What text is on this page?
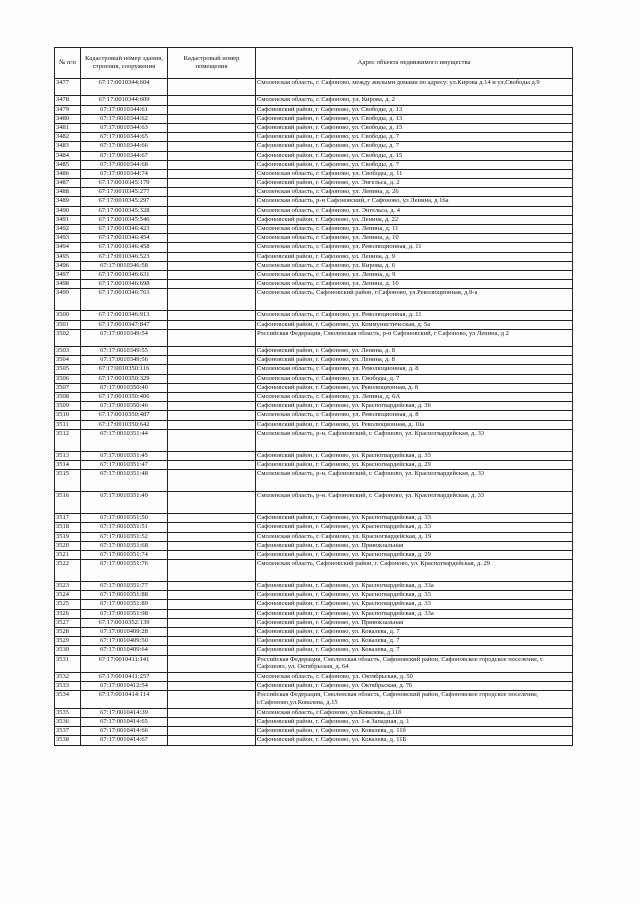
№ п/п	Кадастровый номер здания, строения, сооружения	Кадастровый номер помещения	Адрес объекта недвижимого имущества
3477	67:17:0010344:604		Смоленская область, г. Сафоново, между жилыми домами по адресу: ул.Кирова д.14 и ул.Свободы д.9
3478	67:17:0010344:609		Смоленская область, г. Сафоново, ул. Кирова, д. 2
3479	67:17:0010344:61		Сафоновский район, г. Сафоново, ул. Свободы, д. 13
3480	67:17:0010344:62		Сафоновский район, г. Сафоново, ул. Свободы, д. 13
3481	67:17:0010344:63		Сафоновский район, г. Сафоново, ул. Свободы, д. 15
3482	67:17:0010344:65		Сафоновский район, г. Сафоново, ул. Свободы, д. 7
3483	67:17:0010344:66		Сафоновский район, г. Сафоново, ул. Свободы, д. 7
3484	67:17:0010344:67		Сафоновский район, г. Сафоново, ул. Свободы, д. 15
3485	67:17:0010344:68		Сафоновский район, г. Сафоново, ул. Свободы, д. 7
3486	67:17:0010344:74		Смоленская область, г. Сафоново, ул. Свободы, д. 11
3487	67:17:0010345:179		Сафоновский район, г. Сафоново, ул. Энгельса, д. 2
3488	67:17:0010345:277		Смоленская область, г. Сафоново, ул. Ленина, д. 26
3489	67:17:0010345:297		Смоленская область, р-н Сафоновский, г Сафоново, ул Ленина, д 16а
3490	67:17:0010345:328		Смоленская область, г. Сафоново, ул. Энгельса, д. 4
3491	67:17:0010345:546		Сафоновский район, г. Сафоново, ул. Ленина, д. 22
3492	67:17:0010346:423		Смоленская область, г. Сафоново, ул. Ленина, д. 11
3493	67:17:0010346:454		Смоленская область, г. Сафоново, ул. Ленина, д. 10
3494	67:17:0010346:458		Смоленская область, г. Сафоново, ул. Революционная, д. 11
3495	67:17:0010346:523		Сафоновский район, г. Сафоново, ул. Ленина, д. 9
3496	67:17:0010346:58		Смоленская область, г. Сафоново, ул. Кирова, д. 6
3497	67:17:0010346:631		Смоленская область, г. Сафоново, ул. Ленина, д. 9
3498	67:17:0010346:698		Смоленская область, г. Сафоново, ул. Ленина, д. 10
3499	67:17:0010346:763		Смоленская область, Сафоновский район, г.Сафоново, ул.Революционная, д.9-а
3500	67:17:0010346:913		Смоленская область, г. Сафоново, ул. Революционная, д. 11
3501	67:17:0010347:847		Сафоновский район, г. Сафоново, ул. Коммунистическая, д. 5а
3502	67:17:0010349:54		Российская Федерация, Смоленская область, р-н Сафоновский, г Сафоново, ул Ленина, д 2
3503	67:17:0010349:55		Сафоновский район, г. Сафоново, ул. Ленина, д. 8
3504	67:17:0010349:56		Сафоновский район, г. Сафоново, ул. Ленина, д. 8
3505	67:17:0010350:116		Смоленская область, г. Сафоново, ул. Революционная, д. 8
3506	67:17:0010350:329		Смоленская область, г. Сафоново, ул. Свободы, д. 7
3507	67:17:0010350:40		Сафоновский район, г. Сафоново, ул. Революционная, д. 8
3508	67:17:0010350:406		Смоленская область, г. Сафоново, ул. Ленина, д. 6А
3509	67:17:0010350:46		Сафоновский район, г. Сафоново, ул. Красногвардейская, д. 36
3510	67:17:0010350:487		Смоленская область, г. Сафоново, ул. Революционная, д. 8
3511	67:17:0010350:642		Сафоновский район, г. Сафоново, ул. Революционная, д. 10а
3512	67:17:0010351:44		Смоленская область, р-н. Сафоновский, г. Сафоново, ул. Красногвардейская, д. 33
3513	67:17:0010351:45		Сафоновский район, г. Сафоново, ул. Красногвардейская, д. 33
3514	67:17:0010351:47		Сафоновский район, г. Сафоново, ул. Красногвардейская, д. 29
3515	67:17:0010351:48		Смоленская область, р-н. Сафоновский, г. Сафоново, ул. Красногвардейская, д. 33
3516	67:17:0010351:49		Смоленская область, р-н. Сафоновский, г. Сафоново, ул. Красногвардейская, д. 33
3517	67:17:0010351:50		Сафоновский район, г. Сафоново, ул. Красногвардейская, д. 33
3518	67:17:0010351:51		Сафоновский район, г. Сафоново, ул. Красногвардейская, д. 33
3519	67:17:0010351:52		Смоленская область, г. Сафоново, ул. Красногвардейская, д. 19
3520	67:17:0010351:68		Сафоновский район, г. Сафоново, ул. Привокзальная
3521	67:17:0010351:74		Сафоновский район, г. Сафоново, ул. Красногвардейская, д. 29
3522	67:17:0010351:76		Смоленская область, Сафоновский район, г. Сафоново, ул. Красногвардейская, д. 29
3523	67:17:0010351:77		Сафоновский район, г. Сафоново, ул. Красногвардейская, д. 33а
3524	67:17:0010351:88		Сафоновский район, г. Сафоново, ул. Красногвардейская, д. 33
3525	67:17:0010351:89		Сафоновский район, г. Сафоново, ул. Красногвардейская, д. 33
3526	67:17:0010351:98		Сафоновский район, г. Сафоново, ул. Красногвардейская, д. 33а
3527	67:17:0010352:139		Сафоновский район, г. Сафоново, ул. Привокзальная
3528	67:17:0010409:28		Сафоновский район, г. Сафоново, ул. Ковалева, д. 7
3529	67:17:0010409:50		Сафоновский район, г. Сафоново, ул. Ковалева, д. 7
3530	67:17:0010409:64		Сафоновский район, г. Сафоново, ул. Ковалева, д. 7
3531	67:17:0010411:141		Российская Федерация, Смоленская область, Сафоновский район, Сафоновское городское поселение, г. Сафоново, ул. Октябрьская, д. 64
3532	67:17:0010411:257		Смоленская область, г. Сафоново, ул. Октябрьская, д. 50
3533	67:17:0010412:54		Сафоновский район, г. Сафоново, ул. Октябрьская, д. 76
3534	67:17:0010414:114		Российская Федерация, Смоленская область, Сафоновский район, Сафоновское городское поселение, г.Сафоново,ул.Ковалева, д.15
3535	67:17:0010414:39		Смоленская область, г.Сафоново, ул.Ковалева, д.11б
3536	67:17:0010414:65		Сафоновский район, г. Сафоново, ул. 1-я Западная, д. 1
3537	67:17:0010414:66		Сафоновский район, г. Сафоново, ул. Ковалева, д. 11б
3538	67:17:0010414:67		Сафоновский район, г. Сафоново, ул. Ковалева, д. 11Б
